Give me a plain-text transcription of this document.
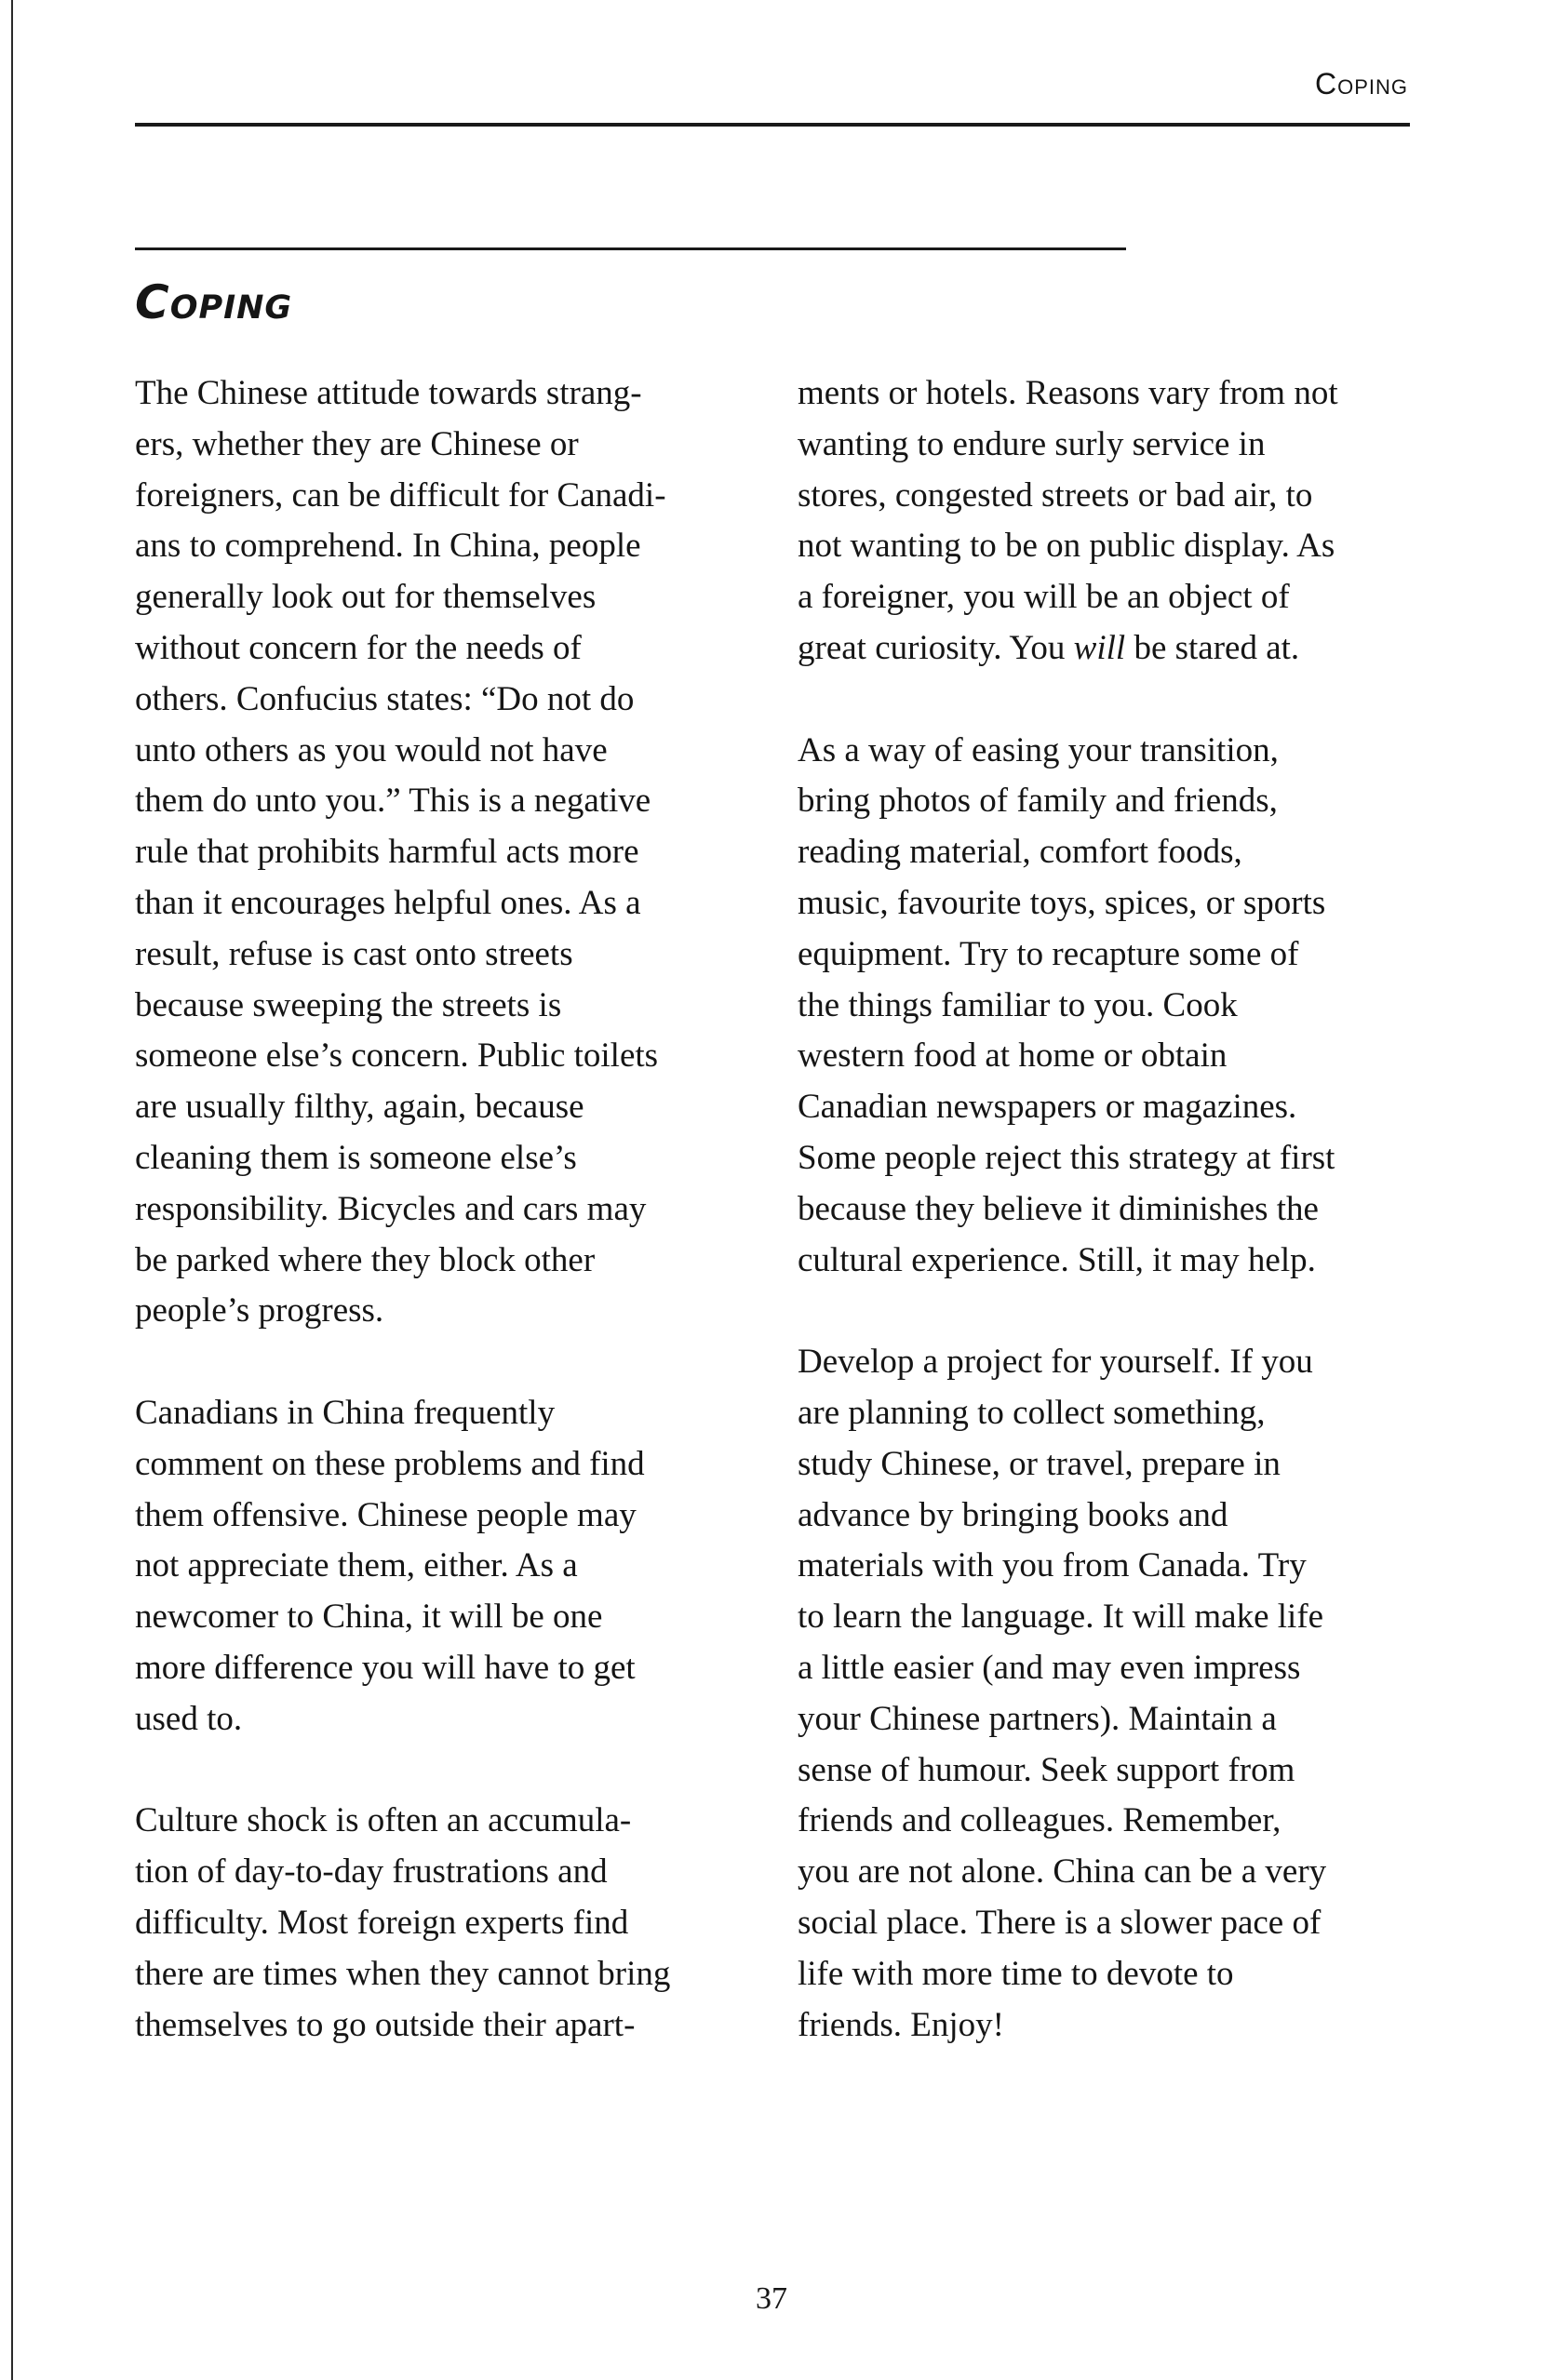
Coping
Coping

The Chinese attitude towards strang-
ers, whether they are Chinese or
foreigners, can be difficult for Canadi-
ans to comprehend. In China, people
generally look out for themselves
without concern for the needs of
others. Confucius states: “Do not do
unto others as you would not have
them do unto you.” This is a negative
rule that prohibits harmful acts more
than it encourages helpful ones. As a
result, refuse is cast onto streets
because sweeping the streets is
someone else’s concern. Public toilets
are usually filthy, again, because
cleaning them is someone else’s
responsibility. Bicycles and cars may
be parked where they block other
people’s progress.

Canadians in China frequently
comment on these problems and find
them offensive. Chinese people may
not appreciate them, either. As a
newcomer to China, it will be one
more difference you will have to get
used to.

Culture shock is often an accumula-
tion of day-to-day frustrations and
difficulty. Most foreign experts find
there are times when they cannot bring
themselves to go outside their apart-

ments or hotels. Reasons vary from not
wanting to endure surly service in
stores, congested streets or bad air, to
not wanting to be on public display. As
a foreigner, you will be an object of
great curiosity. You will be stared at.

As a way of easing your transition,
bring photos of family and friends,
reading material, comfort foods,
music, favourite toys, spices, or sports
equipment. Try to recapture some of
the things familiar to you. Cook
western food at home or obtain
Canadian newspapers or magazines.
Some people reject this strategy at first
because they believe it diminishes the
cultural experience. Still, it may help.

Develop a project for yourself. If you
are planning to collect something,
study Chinese, or travel, prepare in
advance by bringing books and
materials with you from Canada. Try
to learn the language. It will make life
a little easier (and may even impress
your Chinese partners). Maintain a
sense of humour. Seek support from
friends and colleagues. Remember,
you are not alone. China can be a very
social place. There is a slower pace of
life with more time to devote to
friends. Enjoy!

37
